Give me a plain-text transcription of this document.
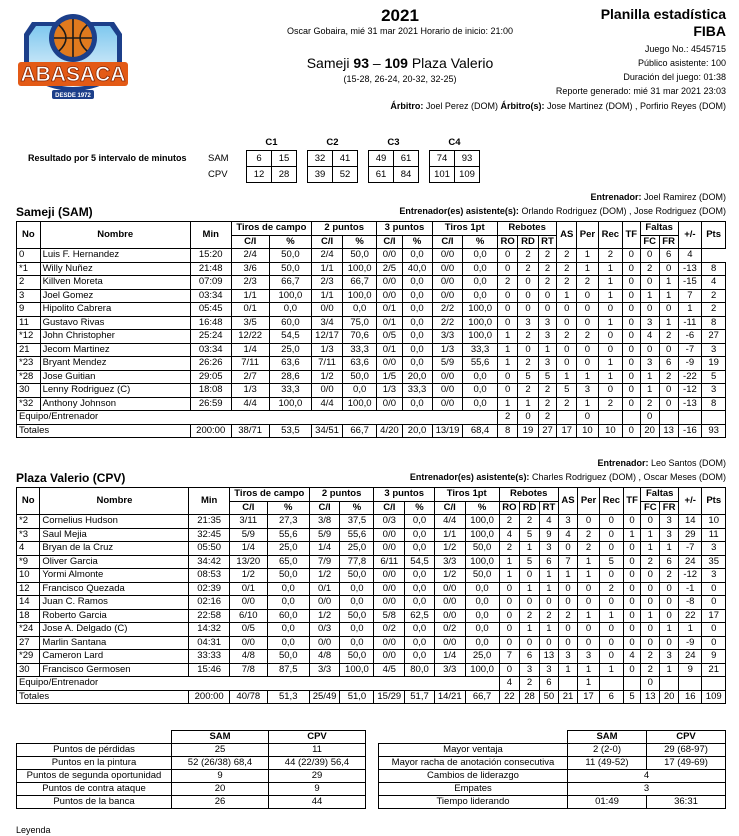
ABASACA
DESDE 1972
2021
Oscar Gobaira, mié 31 mar 2021 Horario de inicio: 21:00
Sameji 93 – 109 Plaza Valerio
(15-28, 26-24, 20-32, 32-25)
Planilla estadística
FIBA
Juego No.: 4545715
Público asistente: 100
Duración del juego: 01:38
Reporte generado: mié 31 mar 2021 23:03
Árbitro: Joel Perez (DOM) Árbitro(s): Jose Martinez (DOM) , Porfirio Reyes (DOM)
Resultado por 5 intervalo de minutos
	C1			C2			C3			C4	
SAM	6	15		32	41		49	61		74	93
CPV	12	28		39	52		61	84		101	109
Entrenador: Joel Ramirez (DOM)
Sameji (SAM)	Entrenador(es) asistente(s): Orlando Rodriguez (DOM) , Jose Rodriguez (DOM)
No	Nombre	Min	Tiros de campo		2 puntos		3 puntos		Tiros 1pt		Rebotes			AS	Per	Rec	TF	Faltas		+/-	Pts
			C/I	%	C/I	%	C/I	%	C/I	%	RO	RD	RT					FC	FR		
0	Luis F. Hernandez	15:20	2/4	50,0	2/4	50,0	0/0	0,0	0/0	0,0	0	2	2	2	1	2	0	0	6	4	
*1	Willy Nuñez	21:48	3/6	50,0	1/1	100,0	2/5	40,0	0/0	0,0	0	2	2	2	1	1	0	2	0	-13	8
2	Killven Moreta	07:09	2/3	66,7	2/3	66,7	0/0	0,0	0/0	0,0	2	0	2	2	2	1	0	0	1	-15	4
3	Joel Gomez	03:34	1/1	100,0	1/1	100,0	0/0	0,0	0/0	0,0	0	0	0	1	0	1	0	1	1	7	2
9	Hipolito Cabrera	05:45	0/1	0,0	0/0	0,0	0/1	0,0	2/2	100,0	0	0	0	0	0	0	0	0	0	1	2
11	Gustavo Rivas	16:48	3/5	60,0	3/4	75,0	0/1	0,0	2/2	100,0	0	3	3	0	0	1	0	3	1	-11	8
*12	John Christopher	25:24	12/22	54,5	12/17	70,6	0/5	0,0	3/3	100,0	1	2	3	2	2	0	0	4	2	-6	27
21	Jecom Martinez	03:34	1/4	25,0	1/3	33,3	0/1	0,0	1/3	33,3	1	0	1	0	0	0	0	0	0	-7	3
*23	Bryant Mendez	26:26	7/11	63,6	7/11	63,6	0/0	0,0	5/9	55,6	1	2	3	0	0	1	0	3	6	-9	19
*28	Jose Guitian	29:05	2/7	28,6	1/2	50,0	1/5	20,0	0/0	0,0	0	5	5	1	1	1	0	1	2	-22	5
30	Lenny Rodriguez (C)	18:08	1/3	33,3	0/0	0,0	1/3	33,3	0/0	0,0	0	2	2	5	3	0	0	1	0	-12	3
*32	Anthony Johnson	26:59	4/4	100,0	4/4	100,0	0/0	0,0	0/0	0,0	1	1	2	2	1	2	0	2	0	-13	8
Equipo/Entrenador											2	0	2		0			0			
Totales		200:00	38/71	53,5	34/51	66,7	4/20	20,0	13/19	68,4	8	19	27	17	10	10	0	20	13	-16	93
Entrenador: Leo Santos (DOM)
Plaza Valerio (CPV)	Entrenador(es) asistente(s): Charles Rodriguez (DOM) , Oscar Meses (DOM)
No	Nombre	Min	Tiros de campo		2 puntos		3 puntos		Tiros 1pt		Rebotes			AS	Per	Rec	TF	Faltas		+/-	Pts
			C/I	%	C/I	%	C/I	%	C/I	%	RO	RD	RT					FC	FR		
*2	Cornelius Hudson	21:35	3/11	27,3	3/8	37,5	0/3	0,0	4/4	100,0	2	2	4	3	0	0	0	0	3	14	10
*3	Saul Mejia	32:45	5/9	55,6	5/9	55,6	0/0	0,0	1/1	100,0	4	5	9	4	2	0	1	1	3	29	11
4	Bryan de la Cruz	05:50	1/4	25,0	1/4	25,0	0/0	0,0	1/2	50,0	2	1	3	0	2	0	0	1	1	-7	3
*9	Oliver Garcia	34:42	13/20	65,0	7/9	77,8	6/11	54,5	3/3	100,0	1	5	6	7	1	5	0	2	6	24	35
10	Yormi Almonte	08:53	1/2	50,0	1/2	50,0	0/0	0,0	1/2	50,0	1	0	1	1	1	0	0	0	2	-12	3
12	Francisco Quezada	02:39	0/1	0,0	0/1	0,0	0/0	0,0	0/0	0,0	0	1	1	0	0	2	0	0	0	-1	0
14	Juan C. Ramos	02:16	0/0	0,0	0/0	0,0	0/0	0,0	0/0	0,0	0	0	0	0	0	0	0	0	0	-8	0
18	Roberto Garcia	22:58	6/10	60,0	1/2	50,0	5/8	62,5	0/0	0,0	0	2	2	2	1	1	0	1	0	22	17
*24	Jose A. Delgado (C)	14:32	0/5	0,0	0/3	0,0	0/2	0,0	0/2	0,0	0	1	1	0	0	0	0	0	1	1	0
27	Marlin Santana	04:31	0/0	0,0	0/0	0,0	0/0	0,0	0/0	0,0	0	0	0	0	0	0	0	0	0	-9	0
*29	Cameron Lard	33:33	4/8	50,0	4/8	50,0	0/0	0,0	1/4	25,0	7	6	13	3	3	0	4	2	3	24	9
30	Francisco Germosen	15:46	7/8	87,5	3/3	100,0	4/5	80,0	3/3	100,0	0	3	3	1	1	1	0	2	1	9	21
Equipo/Entrenador											4	2	6		1			0			
Totales		200:00	40/78	51,3	25/49	51,0	15/29	51,7	14/21	66,7	22	28	50	21	17	6	5	13	20	16	109
	SAM	CPV
Puntos de pérdidas	25	11
Puntos en la pintura	52 (26/38) 68,4	44 (22/39) 56,4
Puntos de segunda oportunidad	9	29
Puntos de contra ataque	20	9
Puntos de la banca	26	44
	SAM	CPV
Mayor ventaja	2 (2-0)	29 (68-97)
Mayor racha de anotación consecutiva	11 (49-52)	17 (49-69)
Cambios de liderazgo	4	
Empates	3	
Tiempo liderando	01:49	36:31
Leyenda
